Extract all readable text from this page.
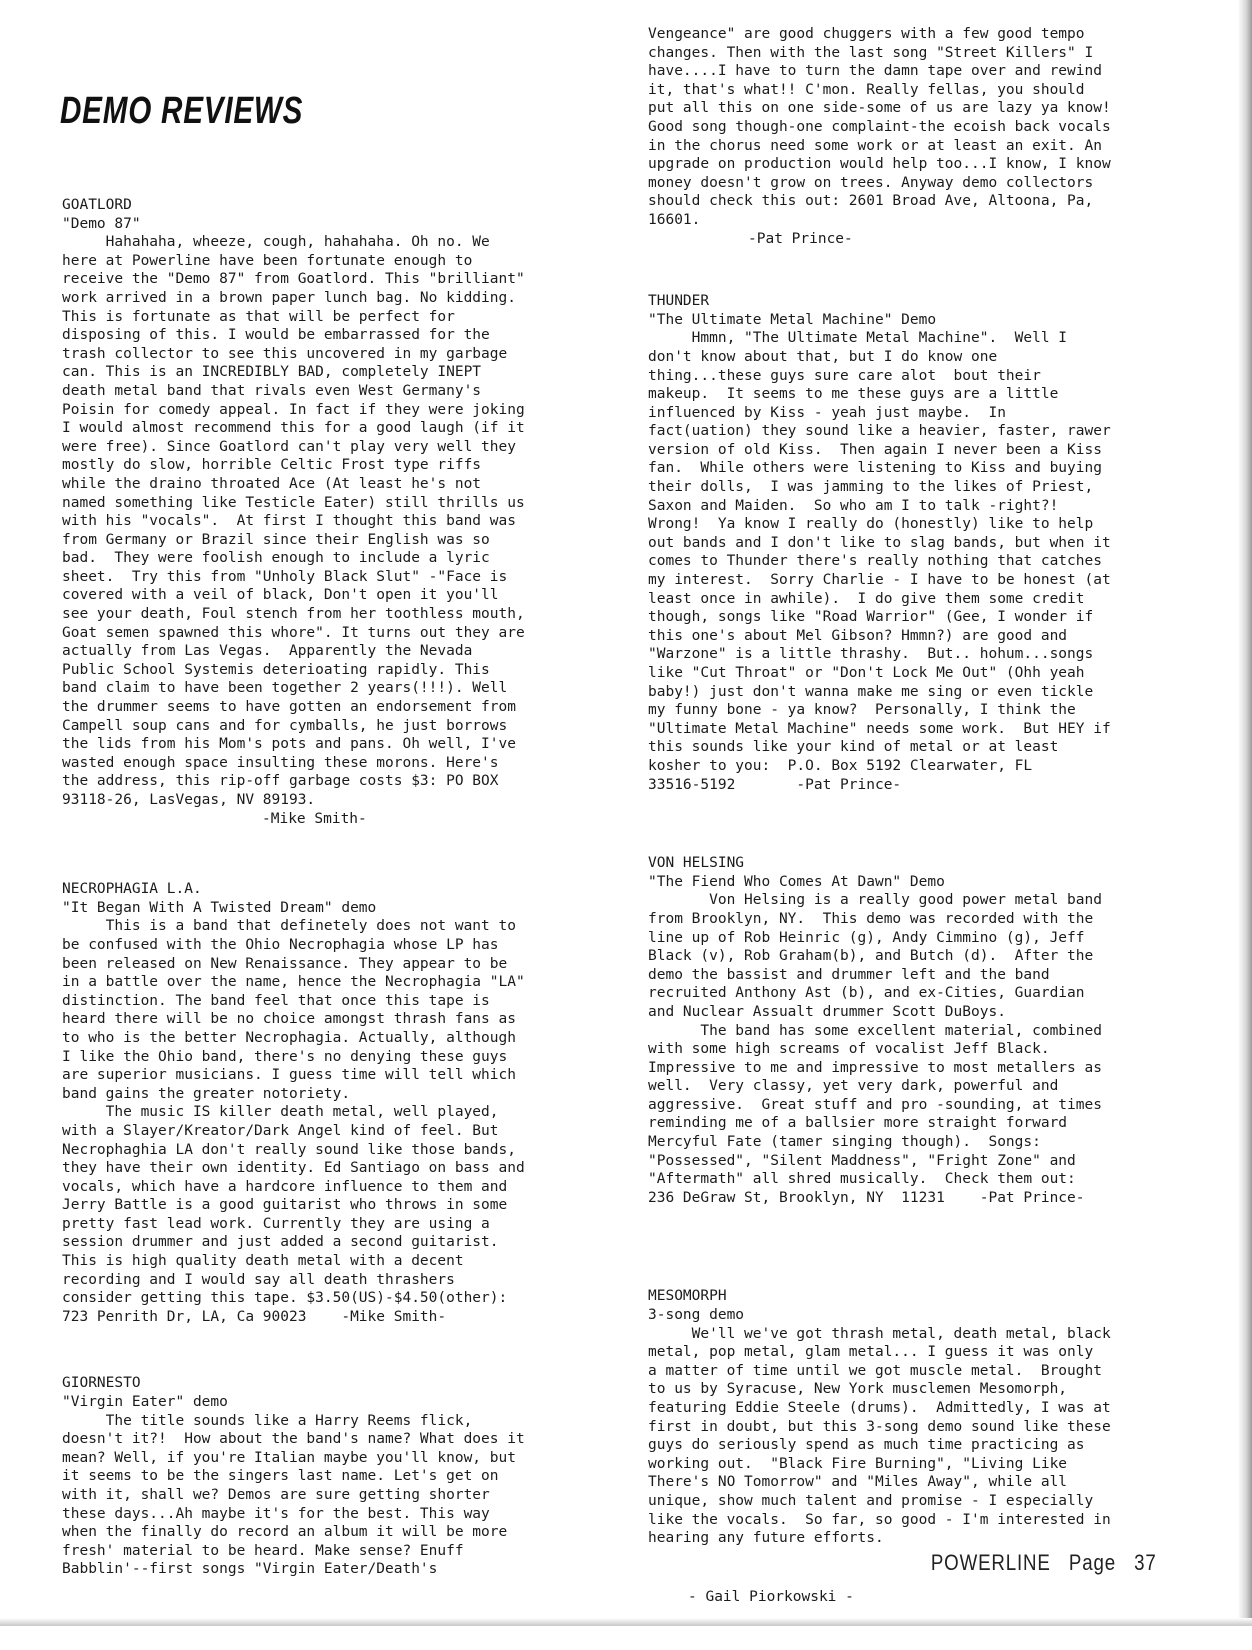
DEMO REVIEWS

GOATLORD

"Demo 87"

Hahahaha, wheeze, cough, hahahaha. Oh no. We

here at Powerline have been fortunate enough to

receive the "Demo 87" from Goatlord. This "brilliant"

work arrived in a brown paper lunch bag. No kidding.

This is fortunate as that will be perfect for

disposing of this. I would be embarrassed for the

trash collector to see this uncovered in my garbage

can. This is an INCREDIBLY BAD, completely INEPT

death metal band that rivals even West Germany's

Poisin for comedy appeal. In fact if they were joking

I would almost recommend this for a good laugh (if it

were free). Since Goatlord can't play very well they

mostly do slow, horrible Celtic Frost type riffs

while the draino throated Ace (At least he's not

named something like Testicle Eater) still thrills us

with his "vocals".  At first I thought this band was

from Germany or Brazil since their English was so

bad.  They were foolish enough to include a lyric

sheet.  Try this from "Unholy Black Slut" -"Face is

covered with a veil of black, Don't open it you'll

see your death, Foul stench from her toothless mouth,

Goat semen spawned this whore". It turns out they are

actually from Las Vegas.  Apparently the Nevada

Public School Systemis deterioating rapidly. This

band claim to have been together 2 years(!!!). Well

the drummer seems to have gotten an endorsement from

Campell soup cans and for cymballs, he just borrows

the lids from his Mom's pots and pans. Oh well, I've

wasted enough space insulting these morons. Here's

the address, this rip-off garbage costs $3: PO BOX

93118-26, LasVegas, NV 89193.

-Mike Smith-

NECROPHAGIA L.A.

"It Began With A Twisted Dream" demo

This is a band that definetely does not want to

be confused with the Ohio Necrophagia whose LP has

been released on New Renaissance. They appear to be

in a battle over the name, hence the Necrophagia "LA"

distinction. The band feel that once this tape is

heard there will be no choice amongst thrash fans as

to who is the better Necrophagia. Actually, although

I like the Ohio band, there's no denying these guys

are superior musicians. I guess time will tell which

band gains the greater notoriety.

The music IS killer death metal, well played,

with a Slayer/Kreator/Dark Angel kind of feel. But

Necrophaghia LA don't really sound like those bands,

they have their own identity. Ed Santiago on bass and

vocals, which have a hardcore influence to them and

Jerry Battle is a good guitarist who throws in some

pretty fast lead work. Currently they are using a

session drummer and just added a second guitarist.

This is high quality death metal with a decent

recording and I would say all death thrashers

consider getting this tape. $3.50(US)-$4.50(other):

723 Penrith Dr, LA, Ca 90023    -Mike Smith-

GIORNESTO

"Virgin Eater" demo

The title sounds like a Harry Reems flick,

doesn't it?!  How about the band's name? What does it

mean? Well, if you're Italian maybe you'll know, but

it seems to be the singers last name. Let's get on

with it, shall we? Demos are sure getting shorter

these days...Ah maybe it's for the best. This way

when the finally do record an album it will be more

fresh' material to be heard. Make sense? Enuff

Babblin'--first songs "Virgin Eater/Death's

Vengeance" are good chuggers with a few good tempo

changes. Then with the last song "Street Killers" I

have....I have to turn the damn tape over and rewind

it, that's what!! C'mon. Really fellas, you should

put all this on one side-some of us are lazy ya know!

Good song though-one complaint-the ecoish back vocals

in the chorus need some work or at least an exit. An

upgrade on production would help too...I know, I know

money doesn't grow on trees. Anyway demo collectors

should check this out: 2601 Broad Ave, Altoona, Pa,

16601.

-Pat Prince-

THUNDER

"The Ultimate Metal Machine" Demo

Hmmn, "The Ultimate Metal Machine".  Well I

don't know about that, but I do know one

thing...these guys sure care alot  bout their

makeup.  It seems to me these guys are a little

influenced by Kiss - yeah just maybe.  In

fact(uation) they sound like a heavier, faster, rawer

version of old Kiss.  Then again I never been a Kiss

fan.  While others were listening to Kiss and buying

their dolls,  I was jamming to the likes of Priest,

Saxon and Maiden.  So who am I to talk -right?!

Wrong!  Ya know I really do (honestly) like to help

out bands and I don't like to slag bands, but when it

comes to Thunder there's really nothing that catches

my interest.  Sorry Charlie - I have to be honest (at

least once in awhile).  I do give them some credit

though, songs like "Road Warrior" (Gee, I wonder if

this one's about Mel Gibson? Hmmn?) are good and

"Warzone" is a little thrashy.  But.. hohum...songs

like "Cut Throat" or "Don't Lock Me Out" (Ohh yeah

baby!) just don't wanna make me sing or even tickle

my funny bone - ya know?  Personally, I think the

"Ultimate Metal Machine" needs some work.  But HEY if

this sounds like your kind of metal or at least

kosher to you:  P.O. Box 5192 Clearwater, FL

33516-5192       -Pat Prince-

VON HELSING

"The Fiend Who Comes At Dawn" Demo

Von Helsing is a really good power metal band

from Brooklyn, NY.  This demo was recorded with the

line up of Rob Heinric (g), Andy Cimmino (g), Jeff

Black (v), Rob Graham(b), and Butch (d).  After the

demo the bassist and drummer left and the band

recruited Anthony Ast (b), and ex-Cities, Guardian

and Nuclear Assualt drummer Scott DuBoys.

The band has some excellent material, combined

with some high screams of vocalist Jeff Black.

Impressive to me and impressive to most metallers as

well.  Very classy, yet very dark, powerful and

aggressive.  Great stuff and pro -sounding, at times

reminding me of a ballsier more straight forward

Mercyful Fate (tamer singing though).  Songs:

"Possessed", "Silent Maddness", "Fright Zone" and

"Aftermath" all shred musically.  Check them out:

236 DeGraw St, Brooklyn, NY  11231    -Pat Prince-

MESOMORPH

3-song demo

We'll we've got thrash metal, death metal, black

metal, pop metal, glam metal... I guess it was only

a matter of time until we got muscle metal.  Brought

to us by Syracuse, New York musclemen Mesomorph,

featuring Eddie Steele (drums).  Admittedly, I was at

first in doubt, but this 3-song demo sound like these

guys do seriously spend as much time practicing as

working out.  "Black Fire Burning", "Living Like

There's NO Tomorrow" and "Miles Away", while all

unique, show much talent and promise - I especially

like the vocals.  So far, so good - I'm interested in

hearing any future efforts.

- Gail Piorkowski -

POWERLINE Page 37
